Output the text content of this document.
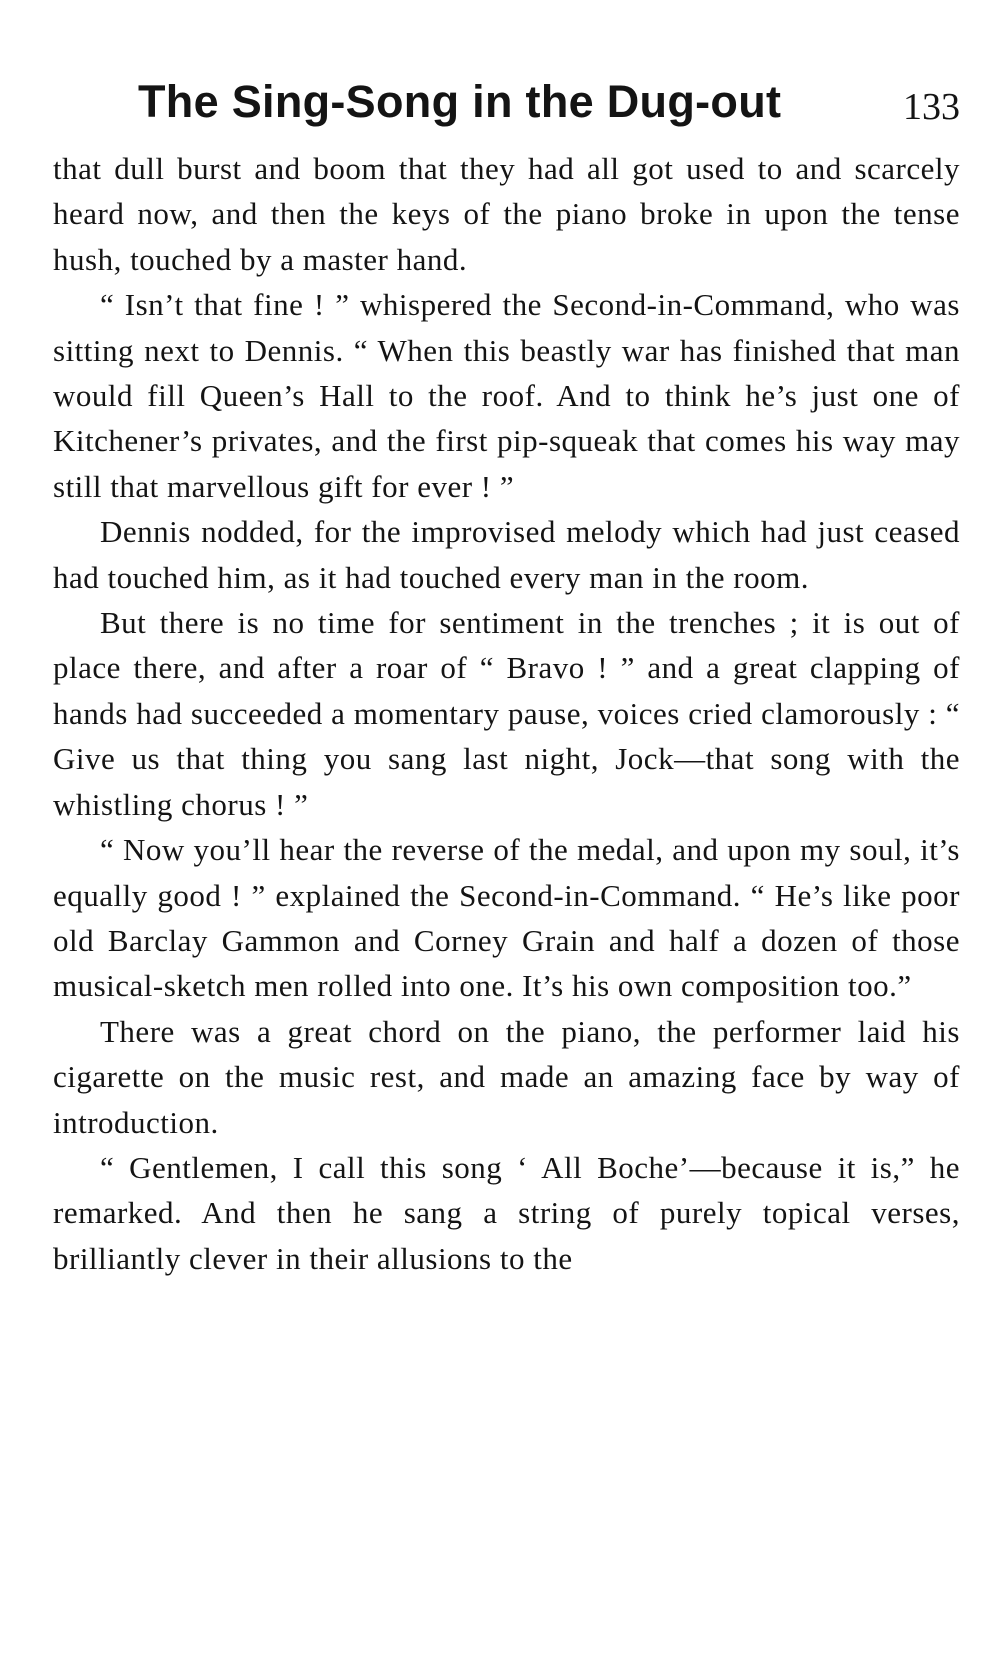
The Sing-Song in the Dug-out	133

that dull burst and boom that they had all got used to and scarcely heard now, and then the keys of the piano broke in upon the tense hush, touched by a master hand.

“ Isn’t that fine ! ” whispered the Second-in-Command, who was sitting next to Dennis. “ When this beastly war has finished that man would fill Queen’s Hall to the roof. And to think he’s just one of Kitchener’s privates, and the first pip-squeak that comes his way may still that marvellous gift for ever ! ”

Dennis nodded, for the improvised melody which had just ceased had touched him, as it had touched every man in the room.

But there is no time for sentiment in the trenches ; it is out of place there, and after a roar of “ Bravo ! ” and a great clapping of hands had succeeded a momentary pause, voices cried clamorously : “ Give us that thing you sang last night, Jock—that song with the whistling chorus ! ”

“ Now you’ll hear the reverse of the medal, and upon my soul, it’s equally good ! ” explained the Second-in-Command. “ He’s like poor old Barclay Gammon and Corney Grain and half a dozen of those musical-sketch men rolled into one. It’s his own composition too.”

There was a great chord on the piano, the performer laid his cigarette on the music rest, and made an amazing face by way of introduction.

“ Gentlemen, I call this song ‘ All Boche’—because it is,” he remarked. And then he sang a string of purely topical verses, brilliantly clever in their allusions to the
